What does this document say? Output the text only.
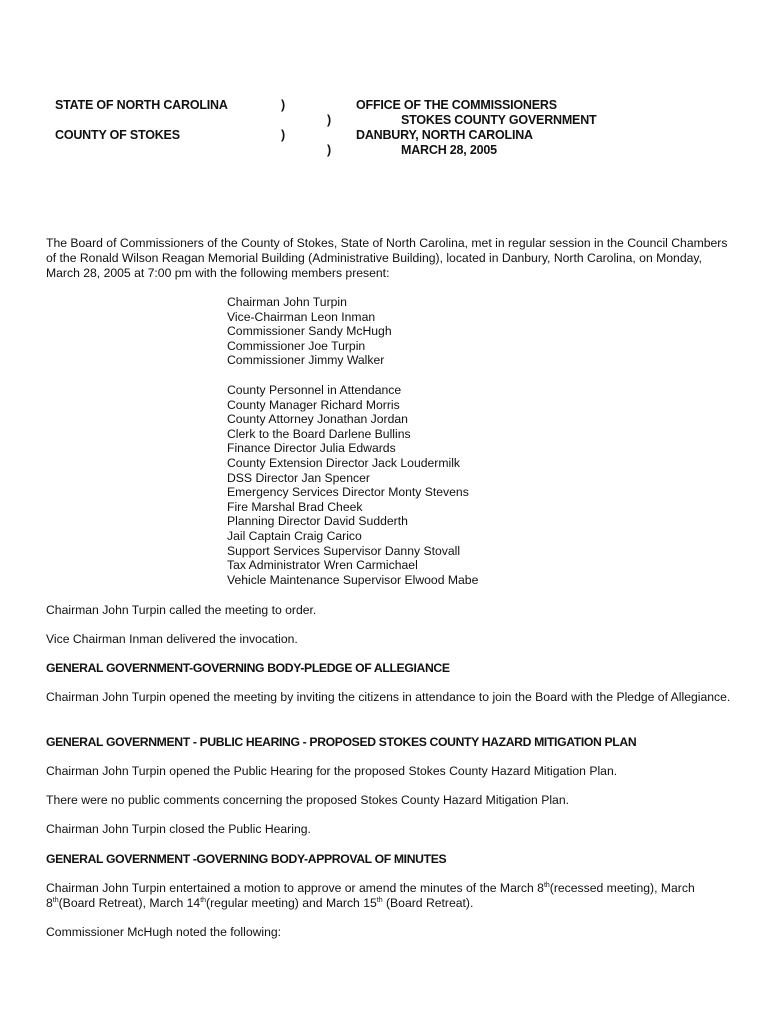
STATE OF NORTH CAROLINA
COUNTY OF STOKES
)
)
)
)
OFFICE OF THE COMMISSIONERS
STOKES COUNTY GOVERNMENT
DANBURY, NORTH CAROLINA
MARCH 28, 2005
The Board of Commissioners of the County of Stokes, State of North Carolina, met in regular session in the Council Chambers of the Ronald Wilson Reagan Memorial Building (Administrative Building), located in Danbury, North Carolina, on Monday, March 28, 2005 at 7:00 pm with the following members present:
Chairman John Turpin
Vice-Chairman Leon Inman
Commissioner Sandy McHugh
Commissioner Joe Turpin
Commissioner Jimmy Walker
County Personnel in Attendance
County Manager Richard Morris
County Attorney Jonathan Jordan
Clerk to the Board Darlene Bullins
Finance Director Julia Edwards
County Extension Director Jack Loudermilk
DSS Director Jan Spencer
Emergency Services Director Monty Stevens
Fire Marshal Brad Cheek
Planning Director David Sudderth
Jail Captain Craig Carico
Support Services Supervisor Danny Stovall
Tax Administrator Wren Carmichael
Vehicle Maintenance Supervisor Elwood Mabe
Chairman John Turpin called the meeting to order.
Vice Chairman Inman delivered the invocation.
GENERAL GOVERNMENT-GOVERNING BODY-PLEDGE OF ALLEGIANCE
Chairman John Turpin opened the meeting by inviting the citizens in attendance to join the Board with the Pledge of Allegiance.
GENERAL GOVERNMENT - PUBLIC HEARING - PROPOSED STOKES COUNTY HAZARD MITIGATION PLAN
Chairman John Turpin opened the Public Hearing for the proposed Stokes County Hazard Mitigation Plan.
There were no public comments concerning the proposed Stokes County Hazard Mitigation Plan.
Chairman John Turpin closed the Public Hearing.
GENERAL GOVERNMENT -GOVERNING BODY-APPROVAL OF MINUTES
Chairman John Turpin entertained a motion to approve or amend the minutes of the March 8th(recessed meeting), March 8th(Board Retreat), March 14th(regular meeting) and March 15th (Board Retreat).
Commissioner McHugh noted the following:
